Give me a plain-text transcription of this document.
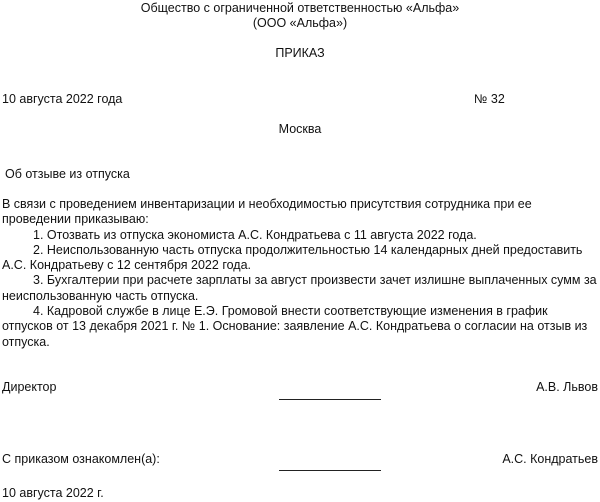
Общество с ограниченной ответственностью «Альфа»
(ООО «Альфа»)
ПРИКАЗ
10 августа 2022 года	№ 32
Москва
Об отзыве из отпуска

В связи с проведением инвентаризации и необходимостью присутствия сотрудника при ее проведении приказываю:

1. Отозвать из отпуска экономиста А.С. Кондратьева с 11 августа 2022 года.

2. Неиспользованную часть отпуска продолжительностью 14 календарных дней предоставить А.С. Кондратьеву с 12 сентября 2022 года.

3. Бухгалтерии при расчете зарплаты за август произвести зачет излишне выплаченных сумм за неиспользованную часть отпуска.

4. Кадровой службе в лице Е.Э. Громовой внести соответствующие изменения в график отпусков от 13 декабря 2021 г. № 1. Основание: заявление А.С. Кондратьева о согласии на отзыв из отпуска.

Директор	А.В. Львов
С приказом ознакомлен(а):	А.С. Кондратьев
10 августа 2022 г.
